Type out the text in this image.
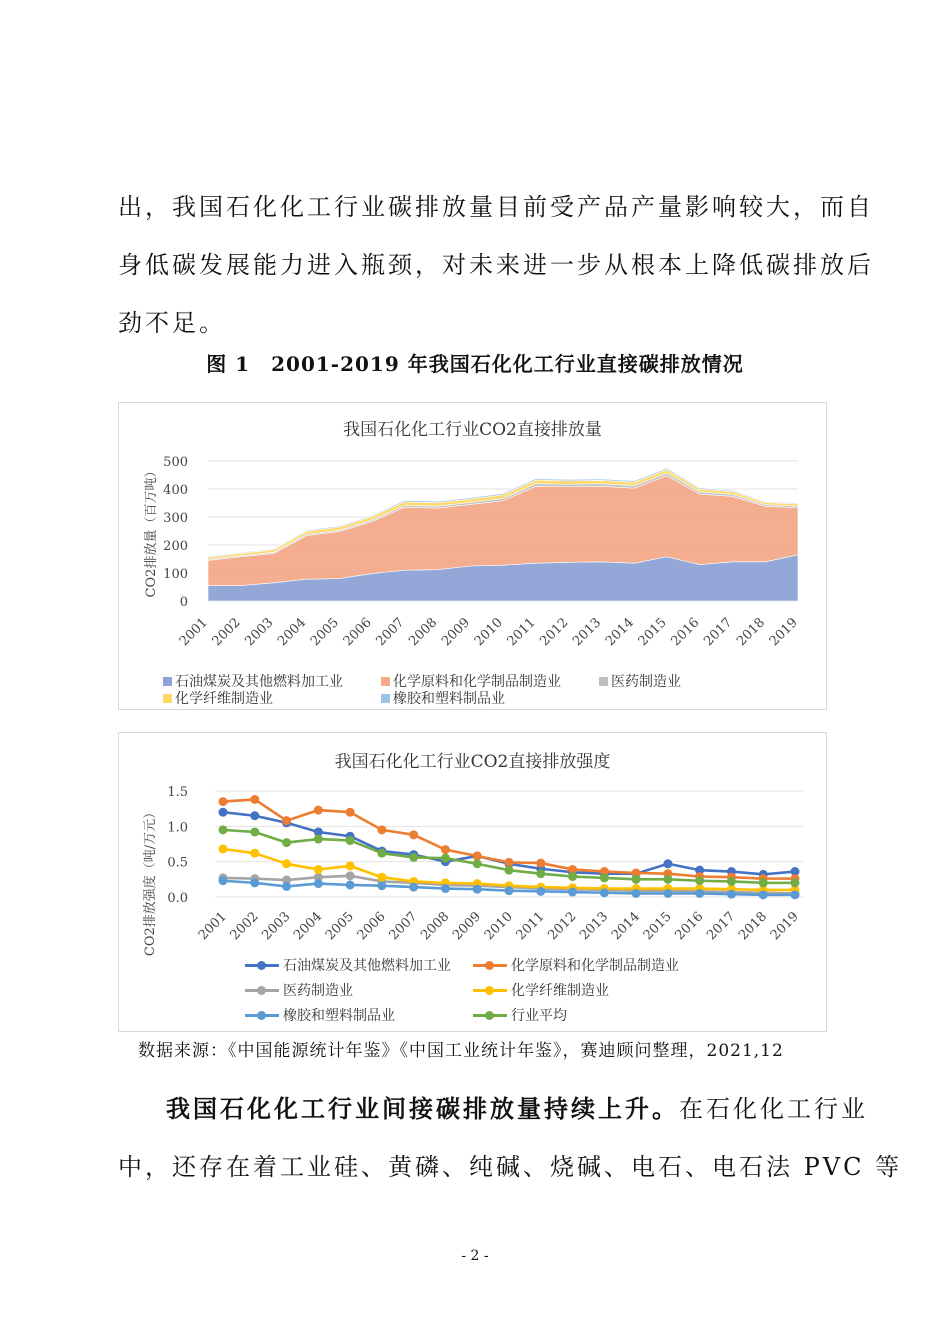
出，我国石化化工行业碳排放量目前受产品产量影响较大，而自
身低碳发展能力进入瓶颈，对未来进一步从根本上降低碳排放后
劲不足。
图 1　2001-2019 年我国石化化工行业直接碳排放情况
我国石化化工行业CO2直接排放量
0
100
200
300
400
500
2001
2002
2003
2004
2005
2006
2007
2008
2009
2010
2011
2012
2013
2014
2015
2016
2017
2018
2019
CO2排放量（百万吨）
石油煤炭及其他燃料加工业	化学原料和化学制品制造业	医药制造业
化学纤维制造业	橡胶和塑料制品业
我国石化化工行业CO2直接排放强度
0.0
0.5
1.0
1.5
2001
2002
2003
2004
2005
2006
2007
2008
2009
2010
2011
2012
2013
2014
2015
2016
2017
2018
2019
CO2排放强度（吨/万元）
石油煤炭及其他燃料加工业	化学原料和化学制品制造业
医药制造业	化学纤维制造业
橡胶和塑料制品业	行业平均
数据来源：《中国能源统计年鉴》《中国工业统计年鉴》，赛迪顾问整理，2021,12
我国石化化工行业间接碳排放量持续上升。在石化化工行业
中，还存在着工业硅、黄磷、纯碱、烧碱、电石、电石法 PVC 等
- 2 -
